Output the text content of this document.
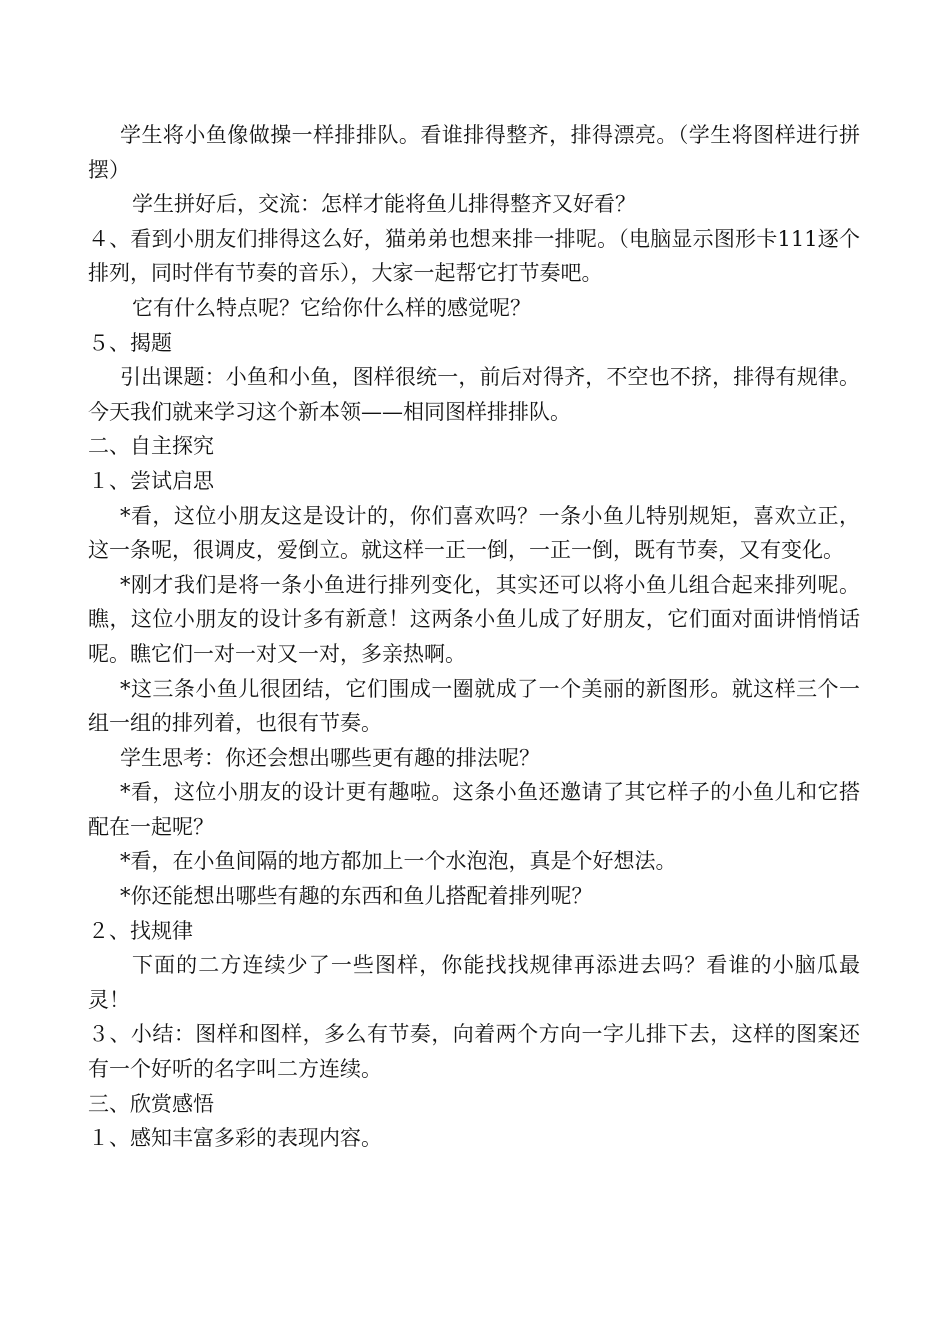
学生将小鱼像做操一样排排队。看谁排得整齐，排得漂亮。（学生将图样进行拼摆）

学生拼好后，交流：怎样才能将鱼儿排得整齐又好看？

４、看到小朋友们排得这么好，猫弟弟也想来排一排呢。（电脑显示图形卡111逐个排列，同时伴有节奏的音乐），大家一起帮它打节奏吧。

它有什么特点呢？它给你什么样的感觉呢？

５、揭题

引出课题：小鱼和小鱼，图样很统一，前后对得齐，不空也不挤，排得有规律。今天我们就来学习这个新本领——相同图样排排队。

二、自主探究

１、尝试启思

*看，这位小朋友这是设计的，你们喜欢吗？一条小鱼儿特别规矩，喜欢立正，这一条呢，很调皮，爱倒立。就这样一正一倒，一正一倒，既有节奏，又有变化。

*刚才我们是将一条小鱼进行排列变化，其实还可以将小鱼儿组合起来排列呢。瞧，这位小朋友的设计多有新意！这两条小鱼儿成了好朋友，它们面对面讲悄悄话呢。瞧它们一对一对又一对，多亲热啊。

*这三条小鱼儿很团结，它们围成一圈就成了一个美丽的新图形。就这样三个一组一组的排列着，也很有节奏。

学生思考：你还会想出哪些更有趣的排法呢？

*看，这位小朋友的设计更有趣啦。这条小鱼还邀请了其它样子的小鱼儿和它搭配在一起呢？

*看，在小鱼间隔的地方都加上一个水泡泡，真是个好想法。

*你还能想出哪些有趣的东西和鱼儿搭配着排列呢？

２、找规律

下面的二方连续少了一些图样，你能找找规律再添进去吗？看谁的小脑瓜最灵！

３、小结：图样和图样，多么有节奏，向着两个方向一字儿排下去，这样的图案还有一个好听的名字叫二方连续。

三、欣赏感悟

１、感知丰富多彩的表现内容。
